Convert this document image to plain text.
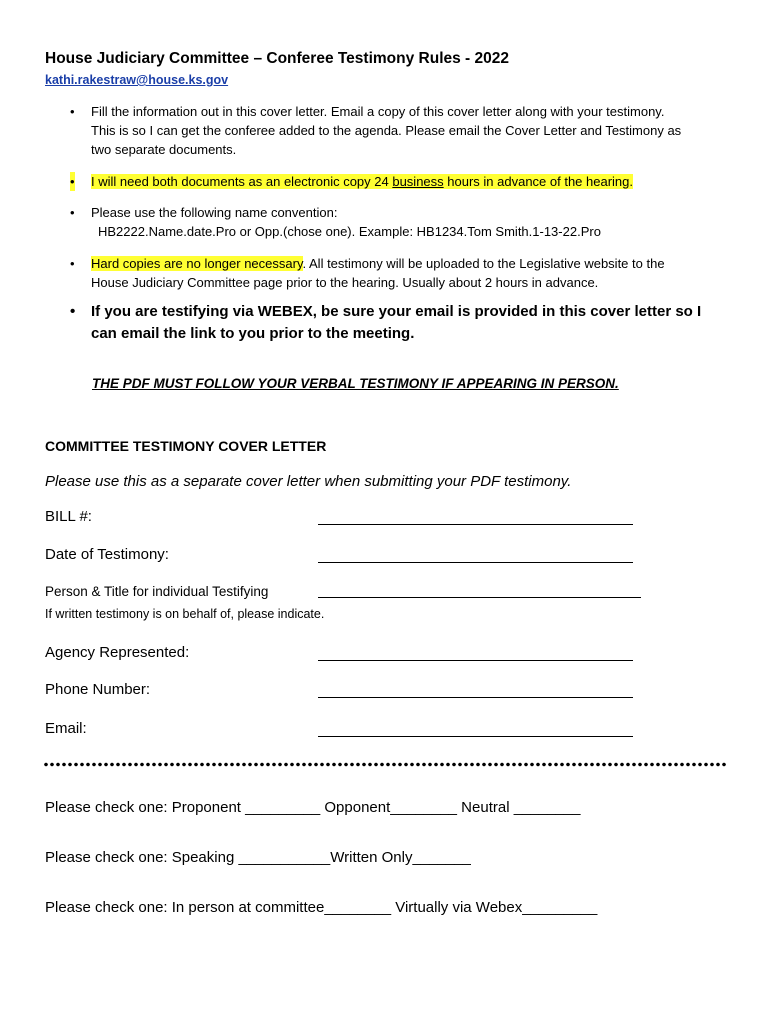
House Judiciary Committee – Conferee Testimony Rules - 2022
kathi.rakestraw@house.ks.gov
• Fill the information out in this cover letter. Email a copy of this cover letter along with your testimony.
This is so I can get the conferee added to the agenda. Please email the Cover Letter and Testimony as
two separate documents.
• I will need both documents as an electronic copy 24 business hours in advance of the hearing.
• Please use the following name convention:
HB2222.Name.date.Pro or Opp.(chose one). Example: HB1234.Tom Smith.1-13-22.Pro
• Hard copies are no longer necessary. All testimony will be uploaded to the Legislative website to the
House Judiciary Committee page prior to the hearing. Usually about 2 hours in advance.
• If you are testifying via WEBEX, be sure your email is provided in this cover letter so I
can email the link to you prior to the meeting.
THE PDF MUST FOLLOW YOUR VERBAL TESTIMONY IF APPEARING IN PERSON.
COMMITTEE TESTIMONY COVER LETTER
Please use this as a separate cover letter when submitting your PDF testimony.
BILL #:
Date of Testimony:
Person & Title for individual Testifying
If written testimony is on behalf of, please indicate.
Agency Represented:
Phone Number:
Email:
Please check one: Proponent _________ Opponent________ Neutral ________
Please check one: Speaking ___________Written Only_______
Please check one: In person at committee________ Virtually via Webex_________
